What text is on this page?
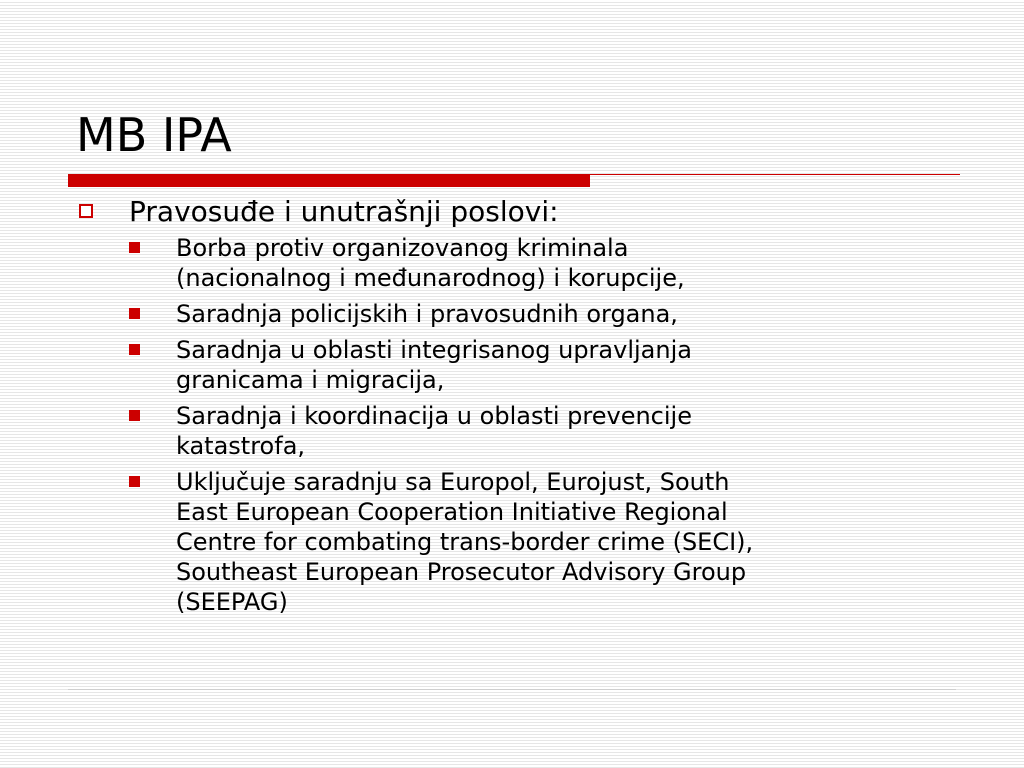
MB IPA
Pravosuđe i unutrašnji poslovi:
Borba protiv organizovanog kriminala
(nacionalnog i međunarodnog) i korupcije,
Saradnja policijskih i pravosudnih organa,
Saradnja u oblasti integrisanog upravljanja
granicama i migracija,
Saradnja i koordinacija u oblasti prevencije
katastrofa,
Uključuje saradnju sa Europol, Eurojust, South
East European Cooperation Initiative Regional
Centre for combating trans-border crime (SECI),
Southeast European Prosecutor Advisory Group
(SEEPAG)
